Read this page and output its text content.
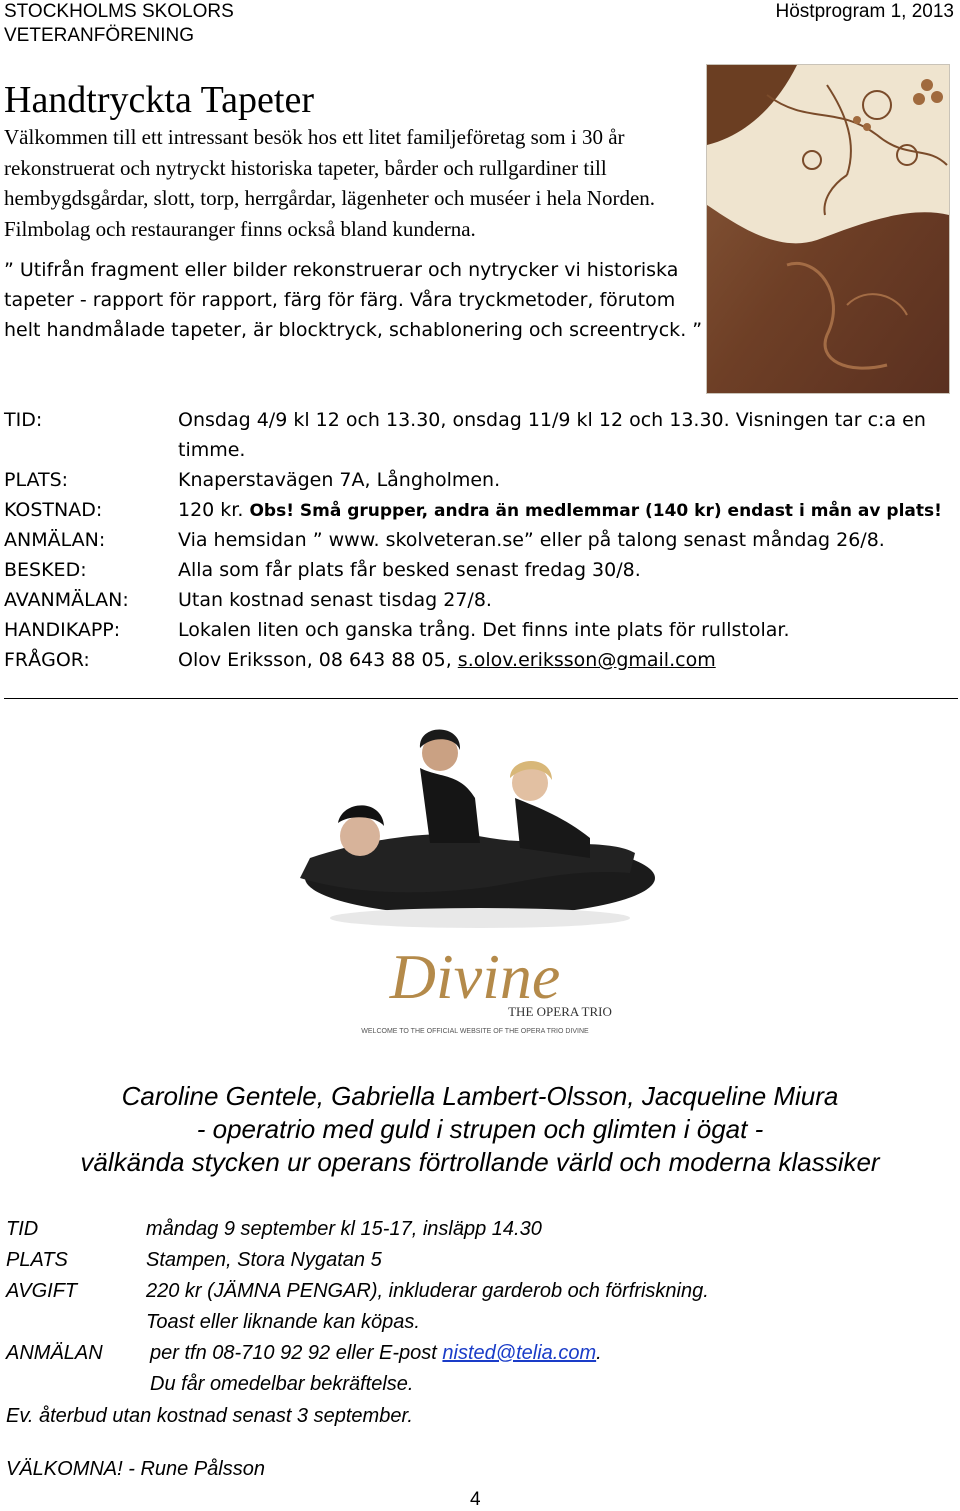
STOCKHOLMS SKOLORS
VETERANFÖRENING
Höstprogram 1, 2013
Handtryckta Tapeter
Välkommen till ett intressant besök hos ett litet familjeföretag som i 30 år rekonstruerat och nytryckt historiska tapeter, bårder och rullgardiner till hembygdsgårdar, slott, torp, herrgårdar, lägenheter och muséer i hela Norden. Filmbolag och restauranger finns också bland kunderna.
” Utifrån fragment eller bilder rekonstruerar och nytrycker vi historiska tapeter - rapport för rapport, färg för färg. Våra tryckmetoder, förutom helt handmålade tapeter, är blocktryck, schablonering och screentryck. ”
TID:	Onsdag 4/9 kl 12 och 13.30, onsdag 11/9 kl 12 och 13.30. Visningen tar c:a en timme.
PLATS:	Knaperstavägen 7A, Långholmen.
KOSTNAD:	120 kr. Obs! Små grupper, andra än medlemmar (140 kr) endast i mån av plats!
ANMÄLAN:	Via hemsidan ” www. skolveteran.se” eller på talong senast måndag 26/8.
BESKED:	Alla som får plats får besked senast fredag 30/8.
AVANMÄLAN:	Utan kostnad senast tisdag 27/8.
HANDIKAPP:	Lokalen liten och ganska trång. Det finns inte plats för rullstolar.
FRÅGOR:	Olov Eriksson, 08 643 88 05, s.olov.eriksson@gmail.com
Divine
THE OPERA TRIO
WELCOME TO THE OFFICIAL WEBSITE OF THE OPERA TRIO DIVINE
Caroline Gentele, Gabriella Lambert-Olsson, Jacqueline Miura
- operatrio med guld i strupen och glimten i ögat -
välkända stycken ur operans förtrollande värld och moderna klassiker
TID	måndag 9 september kl 15-17, insläpp 14.30
PLATS	Stampen, Stora Nygatan 5
AVGIFT	220 kr (JÄMNA PENGAR), inkluderar garderob och förfriskning.
Toast eller liknande kan köpas.
ANMÄLAN	per tfn 08-710 92 92 eller E-post nisted@telia.com.
Du får omedelbar bekräftelse.
Ev. återbud utan kostnad senast 3 september.
VÄLKOMNA! - Rune Pålsson
4
